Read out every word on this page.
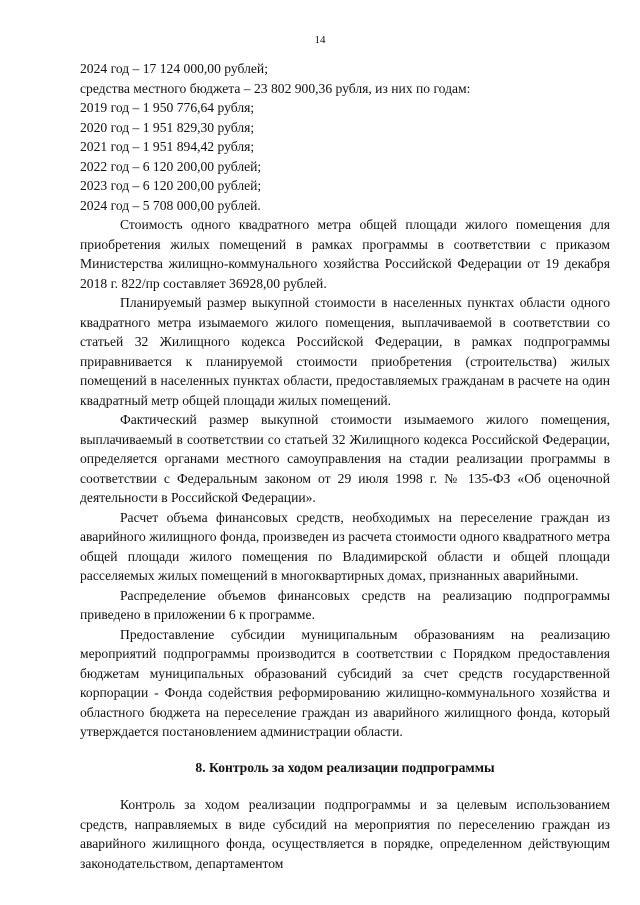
14

2024 год – 17 124 000,00 рублей;

средства местного бюджета – 23 802 900,36 рубля, из них по годам:

2019 год – 1 950 776,64 рубля;

2020 год – 1 951 829,30 рубля;

2021 год – 1 951 894,42 рубля;

2022 год – 6 120 200,00 рублей;

2023 год – 6 120 200,00 рублей;

2024 год – 5 708 000,00 рублей.

Стоимость одного квадратного метра общей площади жилого помещения для приобретения жилых помещений в рамках программы в соответствии с приказом Министерства жилищно-коммунального хозяйства Российской Федерации от 19 декабря 2018 г. 822/пр составляет 36928,00 рублей.

Планируемый размер выкупной стоимости в населенных пунктах области одного квадратного метра изымаемого жилого помещения, выплачиваемой в соответствии со статьей 32 Жилищного кодекса Российской Федерации, в рамках подпрограммы приравнивается к планируемой стоимости приобретения (строительства) жилых помещений в населенных пунктах области, предоставляемых гражданам в расчете на один квадратный метр общей площади жилых помещений.

Фактический размер выкупной стоимости изымаемого жилого помещения, выплачиваемый в соответствии со статьей 32 Жилищного кодекса Российской Федерации, определяется органами местного самоуправления на стадии реализации программы в соответствии с Федеральным законом от 29 июля 1998 г. № 135-ФЗ «Об оценочной деятельности в Российской Федерации».

Расчет объема финансовых средств, необходимых на переселение граждан из аварийного жилищного фонда, произведен из расчета стоимости одного квадратного метра общей площади жилого помещения по Владимирской области и общей площади расселяемых жилых помещений в многоквартирных домах, признанных аварийными.

Распределение объемов финансовых средств на реализацию подпрограммы приведено в приложении 6 к программе.

Предоставление субсидии муниципальным образованиям на реализацию мероприятий подпрограммы производится в соответствии с Порядком предоставления бюджетам муниципальных образований субсидий за счет средств государственной корпорации - Фонда содействия реформированию жилищно-коммунального хозяйства и областного бюджета на переселение граждан из аварийного жилищного фонда, который утверждается постановлением администрации области.

8. Контроль за ходом реализации подпрограммы

Контроль за ходом реализации подпрограммы и за целевым использованием средств, направляемых в виде субсидий на мероприятия по переселению граждан из аварийного жилищного фонда, осуществляется в порядке, определенном действующим законодательством, департаментом
